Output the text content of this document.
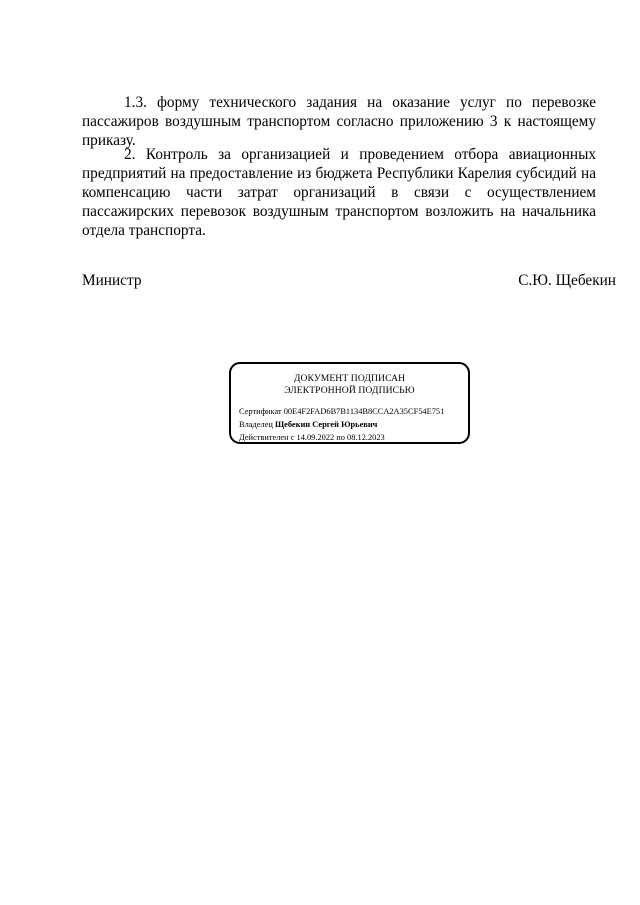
1.3. форму технического задания на оказание услуг по перевозке пассажиров воздушным транспортом согласно приложению 3 к настоящему приказу.

2. Контроль за организацией и проведением отбора авиационных предприятий на предоставление из бюджета Республики Карелия субсидий на компенсацию части затрат организаций в связи с осуществлением пассажирских перевозок воздушным транспортом возложить на начальника отдела транспорта.

Министр	С.Ю. Щебекин
ДОКУМЕНТ ПОДПИСАН
ЭЛЕКТРОННОЙ ПОДПИСЬЮ
Сертификат 00E4F2FAD6B7B1134B8CCA2A35CF54E751
Владелец Щебекин Сергей Юрьевич
Действителен с 14.09.2022 по 08.12.2023
